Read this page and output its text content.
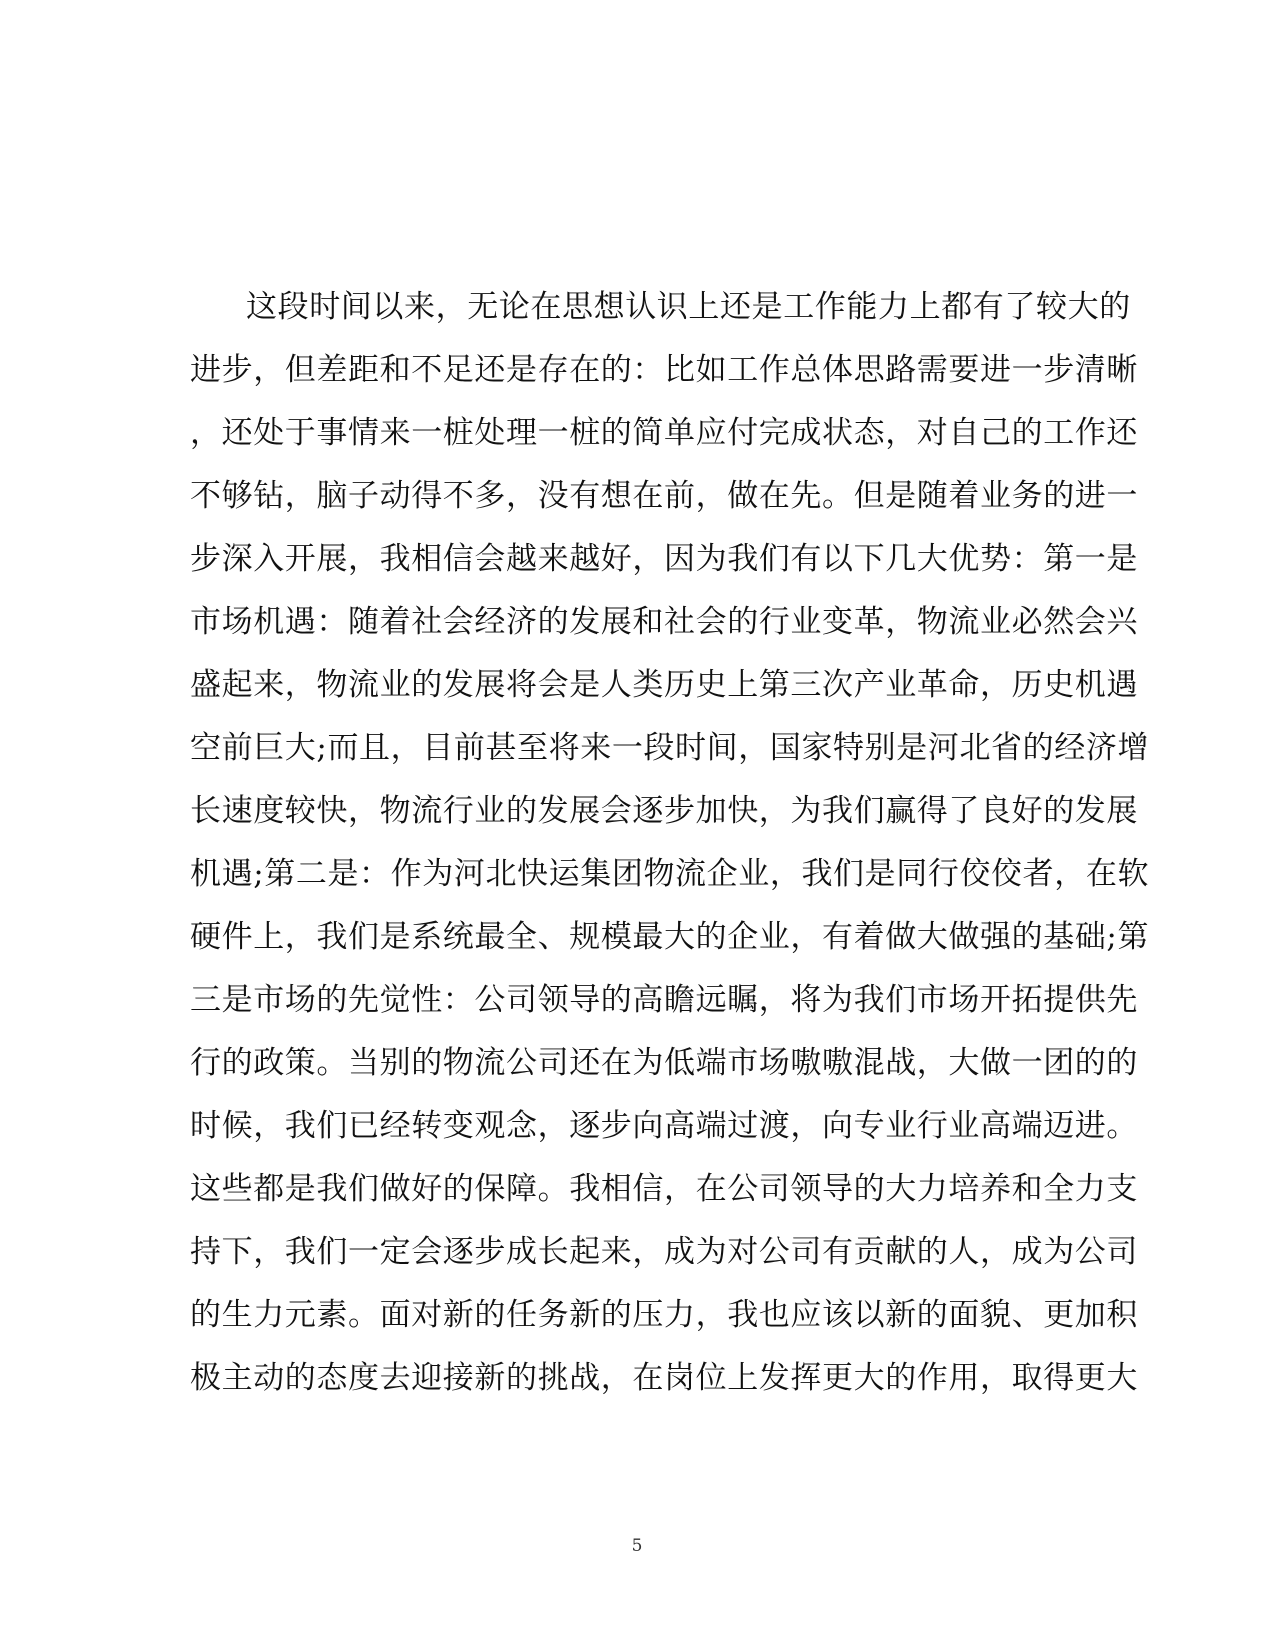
这段时间以来，无论在思想认识上还是工作能力上都有了较大的
进步，但差距和不足还是存在的：比如工作总体思路需要进一步清晰
，还处于事情来一桩处理一桩的简单应付完成状态，对自己的工作还
不够钻，脑子动得不多，没有想在前，做在先。但是随着业务的进一
步深入开展，我相信会越来越好，因为我们有以下几大优势：第一是
市场机遇：随着社会经济的发展和社会的行业变革，物流业必然会兴
盛起来，物流业的发展将会是人类历史上第三次产业革命，历史机遇
空前巨大;而且，目前甚至将来一段时间，国家特别是河北省的经济增
长速度较快，物流行业的发展会逐步加快，为我们赢得了良好的发展
机遇;第二是：作为河北快运集团物流企业，我们是同行佼佼者，在软
硬件上，我们是系统最全、规模最大的企业，有着做大做强的基础;第
三是市场的先觉性：公司领导的高瞻远瞩，将为我们市场开拓提供先
行的政策。当别的物流公司还在为低端市场嗷嗷混战，大做一团的的
时候，我们已经转变观念，逐步向高端过渡，向专业行业高端迈进。
这些都是我们做好的保障。我相信，在公司领导的大力培养和全力支
持下，我们一定会逐步成长起来，成为对公司有贡献的人，成为公司
的生力元素。面对新的任务新的压力，我也应该以新的面貌、更加积
极主动的态度去迎接新的挑战，在岗位上发挥更大的作用，取得更大
5
